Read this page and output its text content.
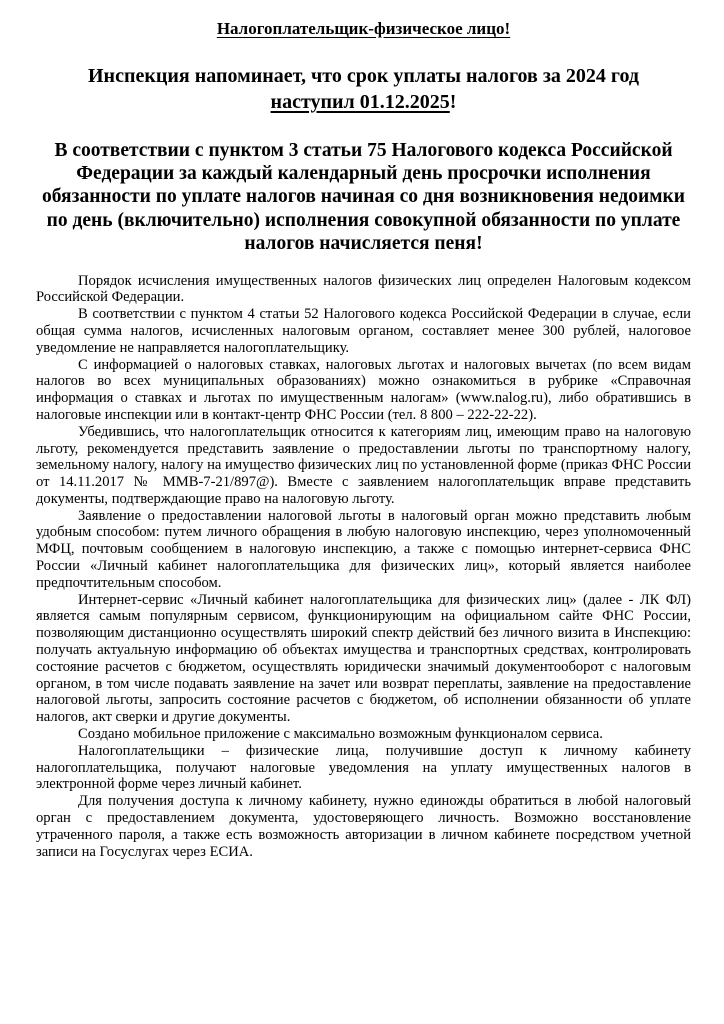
Налогоплательщик-физическое лицо!
Инспекция напоминает, что срок уплаты налогов за 2024 год
наступил 01.12.2025!
В соответствии с пунктом 3 статьи 75 Налогового кодекса Российской Федерации за каждый календарный день просрочки исполнения обязанности по уплате налогов начиная со дня возникновения недоимки по день (включительно) исполнения совокупной обязанности по уплате налогов начисляется пеня!

Порядок исчисления имущественных налогов физических лиц определен Налоговым кодексом Российской Федерации.

В соответствии с пунктом 4 статьи 52 Налогового кодекса Российской Федерации в случае, если общая сумма налогов, исчисленных налоговым органом, составляет менее 300 рублей, налоговое уведомление не направляется налогоплательщику.

С информацией о налоговых ставках, налоговых льготах и налоговых вычетах (по всем видам налогов во всех муниципальных образованиях) можно ознакомиться в рубрике «Справочная информация о ставках и льготах по имущественным налогам» (www.nalog.ru), либо обратившись в налоговые инспекции или в контакт-центр ФНС России (тел. 8 800 – 222-22-22).

Убедившись, что налогоплательщик относится к категориям лиц, имеющим право на налоговую льготу, рекомендуется представить заявление о предоставлении льготы по транспортному налогу, земельному налогу, налогу на имущество физических лиц по установленной форме (приказ ФНС России от 14.11.2017 № ММВ-7-21/897@). Вместе с заявлением налогоплательщик вправе представить документы, подтверждающие право на налоговую льготу.

Заявление о предоставлении налоговой льготы в налоговый орган можно представить любым удобным способом: путем личного обращения в любую налоговую инспекцию, через уполномоченный МФЦ, почтовым сообщением в налоговую инспекцию, а также с помощью интернет-сервиса ФНС России «Личный кабинет налогоплательщика для физических лиц», который является наиболее предпочтительным способом.

Интернет-сервис «Личный кабинет налогоплательщика для физических лиц» (далее - ЛК ФЛ) является самым популярным сервисом, функционирующим на официальном сайте ФНС России, позволяющим дистанционно осуществлять широкий спектр действий без личного визита в Инспекцию: получать актуальную информацию об объектах имущества и транспортных средствах, контролировать состояние расчетов с бюджетом, осуществлять юридически значимый документооборот с налоговым органом, в том числе подавать заявление на зачет или возврат переплаты, заявление на предоставление налоговой льготы, запросить состояние расчетов с бюджетом, об исполнении обязанности об уплате налогов, акт сверки и другие документы.

Создано мобильное приложение с максимально возможным функционалом сервиса.

Налогоплательщики – физические лица, получившие доступ к личному кабинету налогоплательщика, получают налоговые уведомления на уплату имущественных налогов в электронной форме через личный кабинет.

Для получения доступа к личному кабинету, нужно единожды обратиться в любой налоговый орган с предоставлением документа, удостоверяющего личность. Возможно восстановление утраченного пароля, а также есть возможность авторизации в личном кабинете посредством учетной записи на Госуслугах через ЕСИА.
